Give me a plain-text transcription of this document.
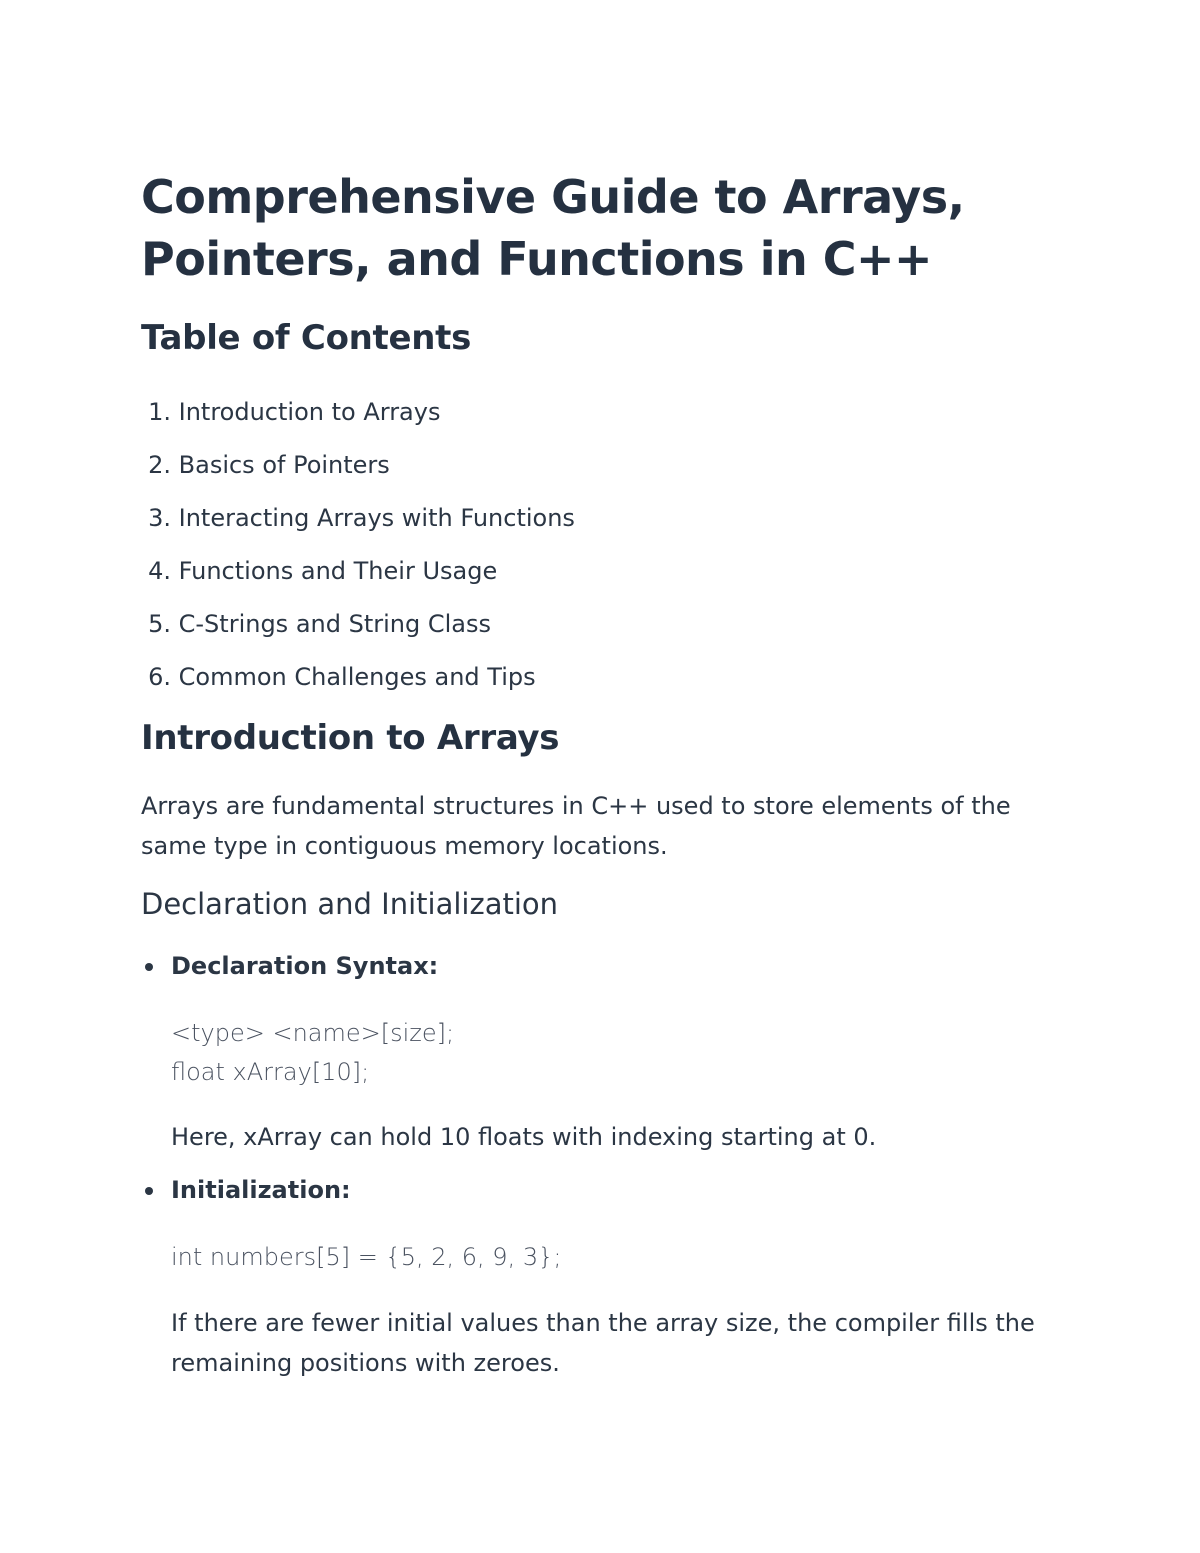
Comprehensive Guide to Arrays, Pointers, and Functions in C++
Table of Contents
1. Introduction to Arrays
2. Basics of Pointers
3. Interacting Arrays with Functions
4. Functions and Their Usage
5. C-Strings and String Class
6. Common Challenges and Tips
Introduction to Arrays

Arrays are fundamental structures in C++ used to store elements of the same type in contiguous memory locations.

Declaration and Initialization
Declaration Syntax:
<type> <name>[size];
float xArray[10];

Here, xArray can hold 10 floats with indexing starting at 0.

Initialization:
int numbers[5] = {5, 2, 6, 9, 3};

If there are fewer initial values than the array size, the compiler fills the remaining positions with zeroes.
